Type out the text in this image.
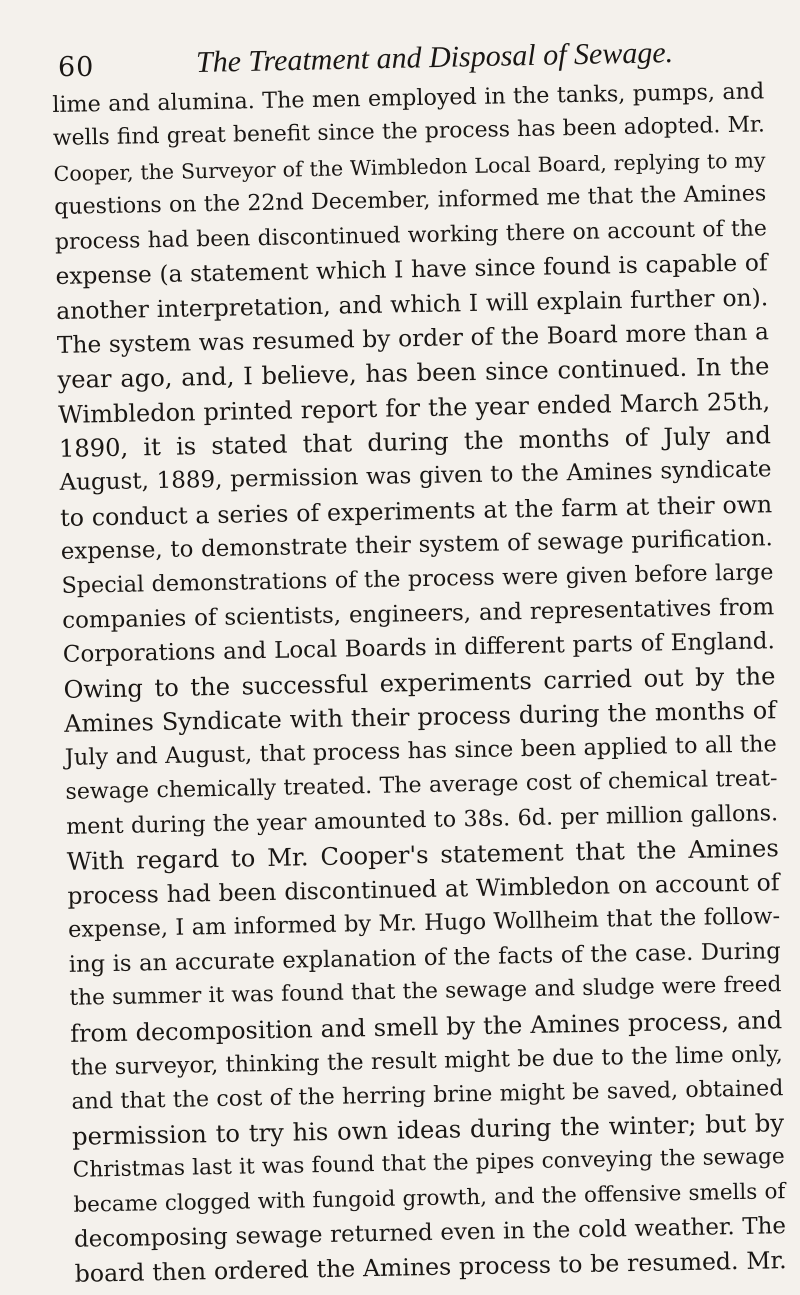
60	The Treatment and Disposal of Sewage.
lime and alumina. The men employed in the tanks, pumps, and
wells find great benefit since the process has been adopted. Mr.
Cooper, the Surveyor of the Wimbledon Local Board, replying to my
questions on the 22nd December, informed me that the Amines
process had been discontinued working there on account of the
expense (a statement which I have since found is capable of
another interpretation, and which I will explain further on).
The system was resumed by order of the Board more than a
year ago, and, I believe, has been since continued. In the
Wimbledon printed report for the year ended March 25th,
1890, it is stated that during the months of July and
August, 1889, permission was given to the Amines syndicate
to conduct a series of experiments at the farm at their own
expense, to demonstrate their system of sewage purification.
Special demonstrations of the process were given before large
companies of scientists, engineers, and representatives from
Corporations and Local Boards in different parts of England.
Owing to the successful experiments carried out by the
Amines Syndicate with their process during the months of
July and August, that process has since been applied to all the
sewage chemically treated. The average cost of chemical treat-
ment during the year amounted to 38s. 6d. per million gallons.
With regard to Mr. Cooper's statement that the Amines
process had been discontinued at Wimbledon on account of
expense, I am informed by Mr. Hugo Wollheim that the follow-
ing is an accurate explanation of the facts of the case. During
the summer it was found that the sewage and sludge were freed
from decomposition and smell by the Amines process, and
the surveyor, thinking the result might be due to the lime only,
and that the cost of the herring brine might be saved, obtained
permission to try his own ideas during the winter; but by
Christmas last it was found that the pipes conveying the sewage
became clogged with fungoid growth, and the offensive smells of
decomposing sewage returned even in the cold weather. The
board then ordered the Amines process to be resumed. Mr.
